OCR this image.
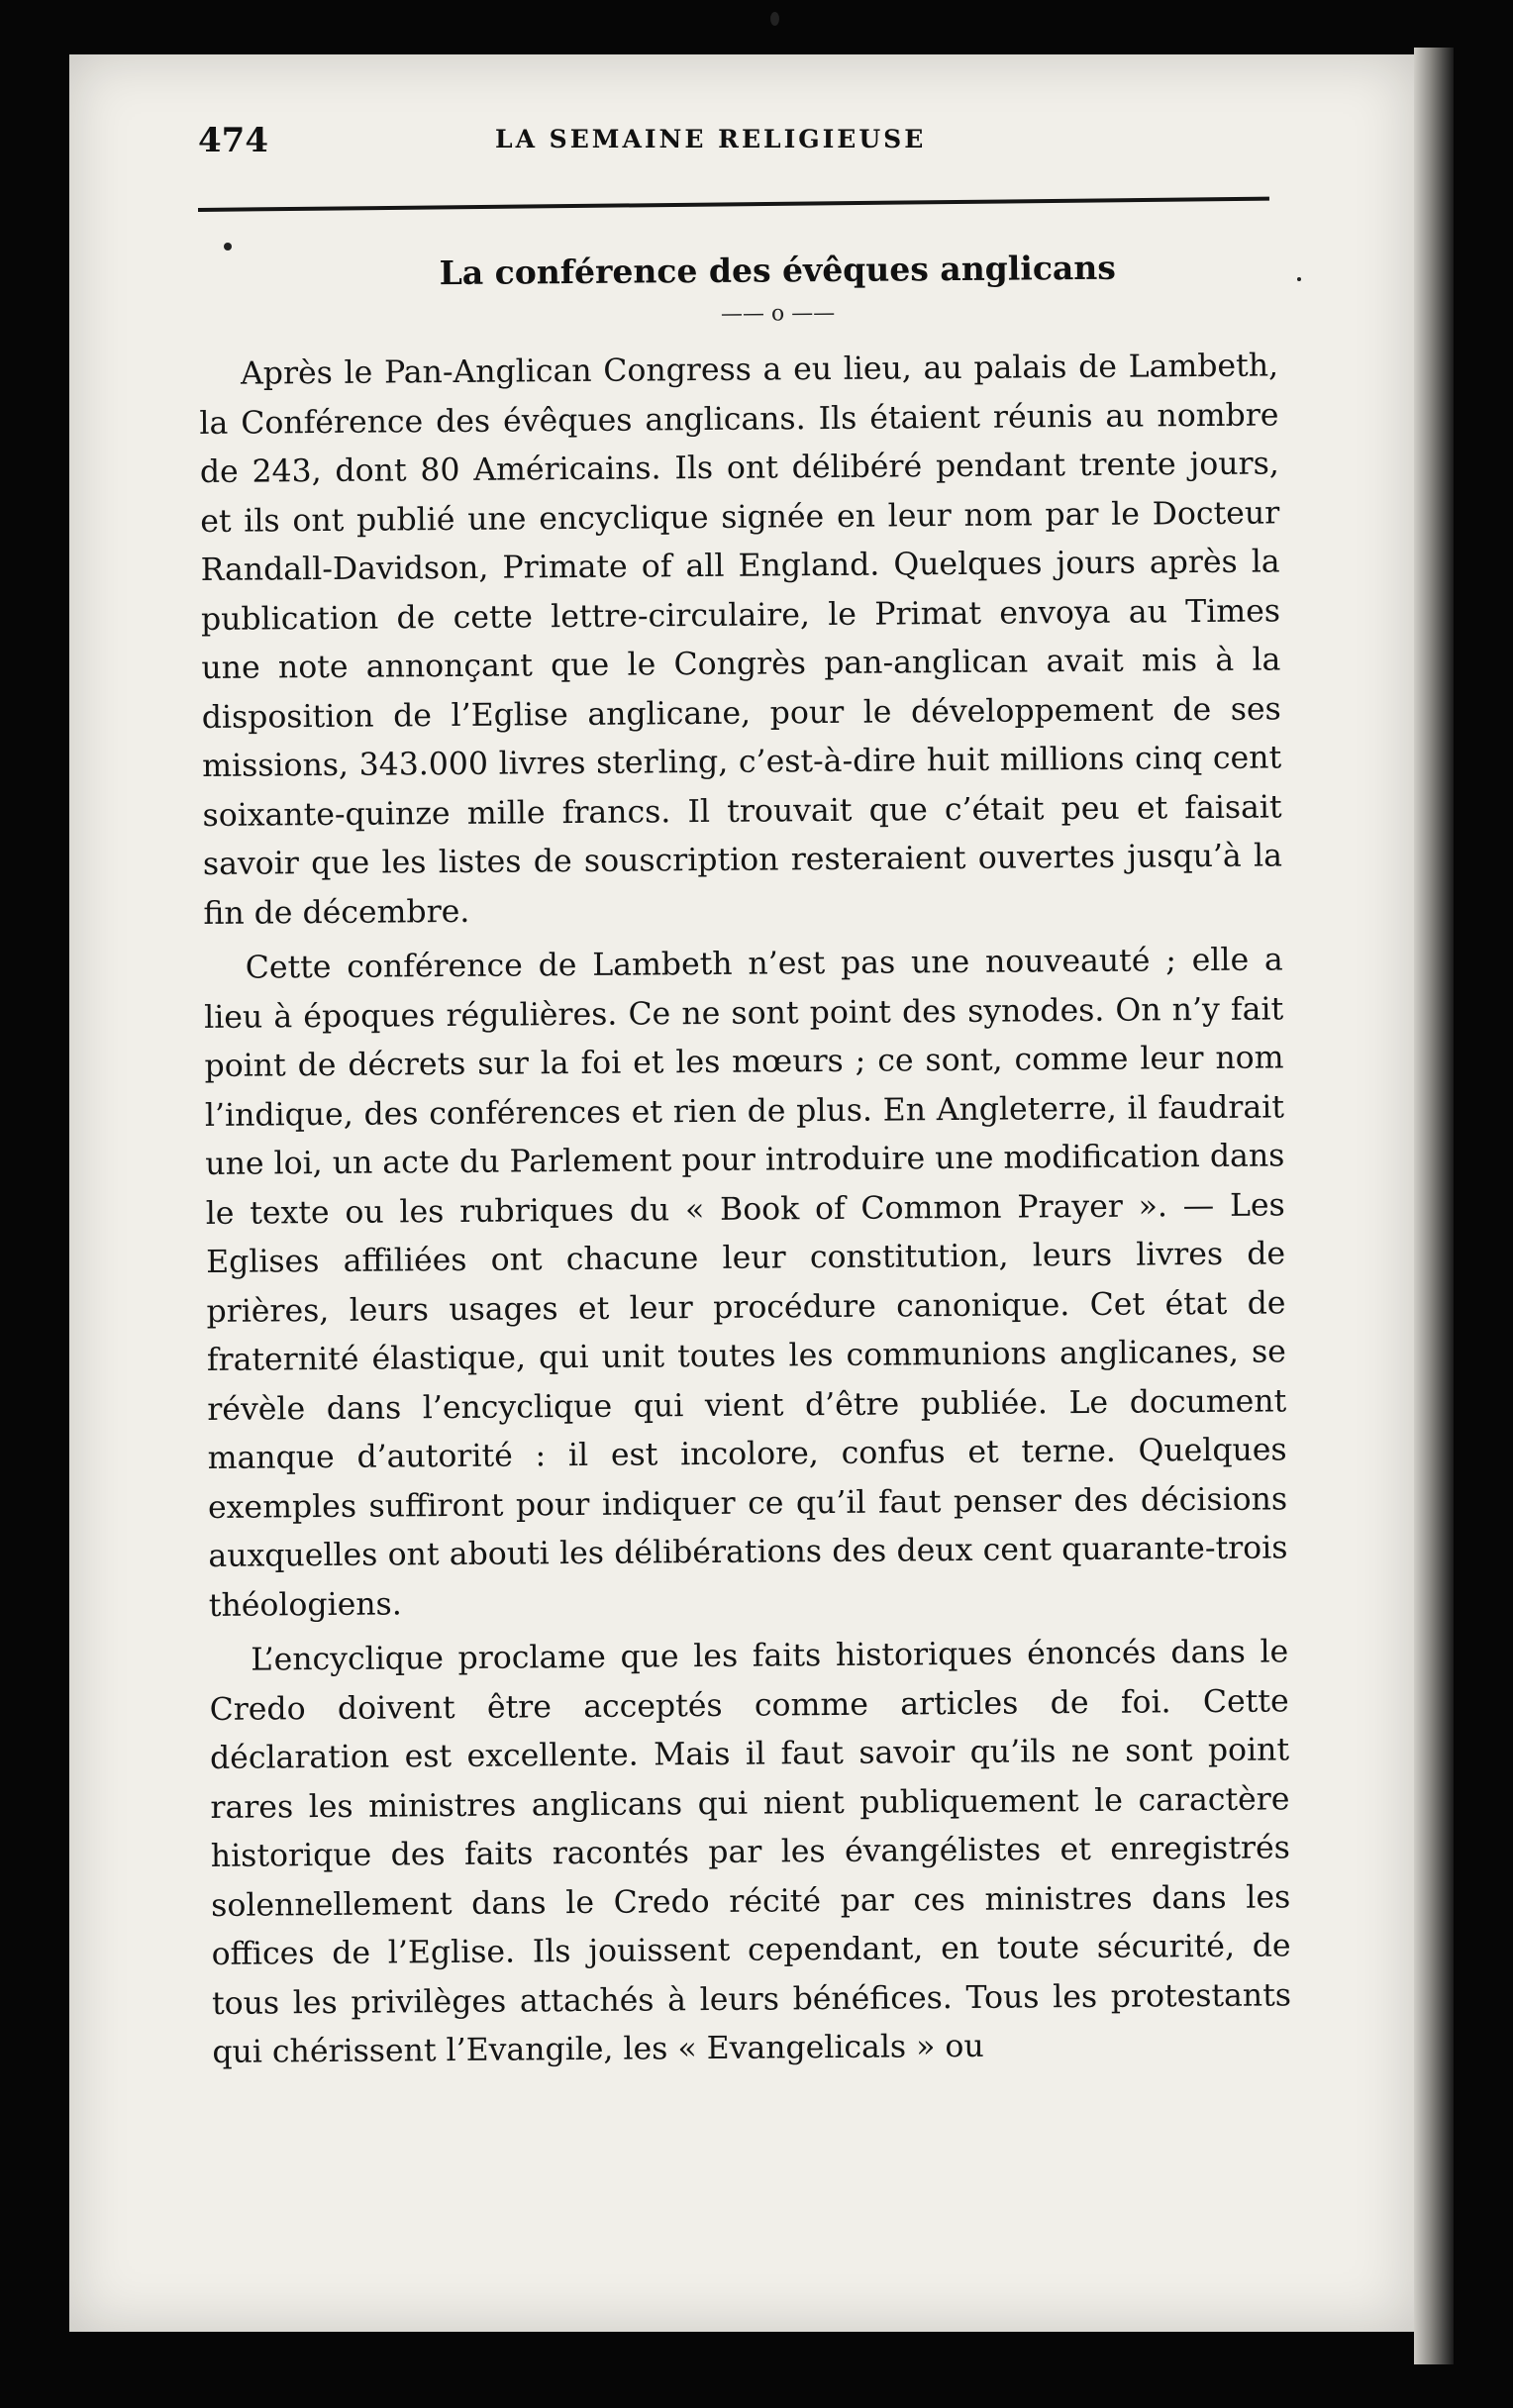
474	LA SEMAINE RELIGIEUSE
La conférence des évêques anglicans
—— o ——

Après le Pan-Anglican Congress a eu lieu, au palais de Lambeth, la Conférence des évêques anglicans. Ils étaient réunis au nombre de 243, dont 80 Américains. Ils ont délibéré pendant trente jours, et ils ont publié une encyclique signée en leur nom par le Docteur Randall-Davidson, Primate of all England. Quelques jours après la publication de cette lettre-circulaire, le Primat envoya au Times une note annonçant que le Congrès pan-anglican avait mis à la disposition de l’Eglise anglicane, pour le développement de ses missions, 343.000 livres sterling, c’est-à-dire huit millions cinq cent soixante-quinze mille francs. Il trouvait que c’était peu et faisait savoir que les listes de souscription resteraient ouvertes jusqu’à la fin de décembre.

Cette conférence de Lambeth n’est pas une nouveauté ; elle a lieu à époques régulières. Ce ne sont point des synodes. On n’y fait point de décrets sur la foi et les mœurs ; ce sont, comme leur nom l’indique, des conférences et rien de plus. En Angleterre, il faudrait une loi, un acte du Parlement pour introduire une modification dans le texte ou les rubriques du « Book of Common Prayer ». — Les Eglises affiliées ont chacune leur constitution, leurs livres de prières, leurs usages et leur procédure canonique. Cet état de fraternité élastique, qui unit toutes les communions anglicanes, se révèle dans l’encyclique qui vient d’être publiée. Le document manque d’autorité : il est incolore, confus et terne. Quelques exemples suffiront pour indiquer ce qu’il faut penser des décisions auxquelles ont abouti les délibérations des deux cent quarante-trois théologiens.

L’encyclique proclame que les faits historiques énoncés dans le Credo doivent être acceptés comme articles de foi. Cette déclaration est excellente. Mais il faut savoir qu’ils ne sont point rares les ministres anglicans qui nient publiquement le caractère historique des faits racontés par les évangélistes et enregistrés solennellement dans le Credo récité par ces ministres dans les offices de l’Eglise. Ils jouissent cependant, en toute sécurité, de tous les privilèges attachés à leurs bénéfices. Tous les protestants qui chérissent l’Evangile, les « Evangelicals » ou
